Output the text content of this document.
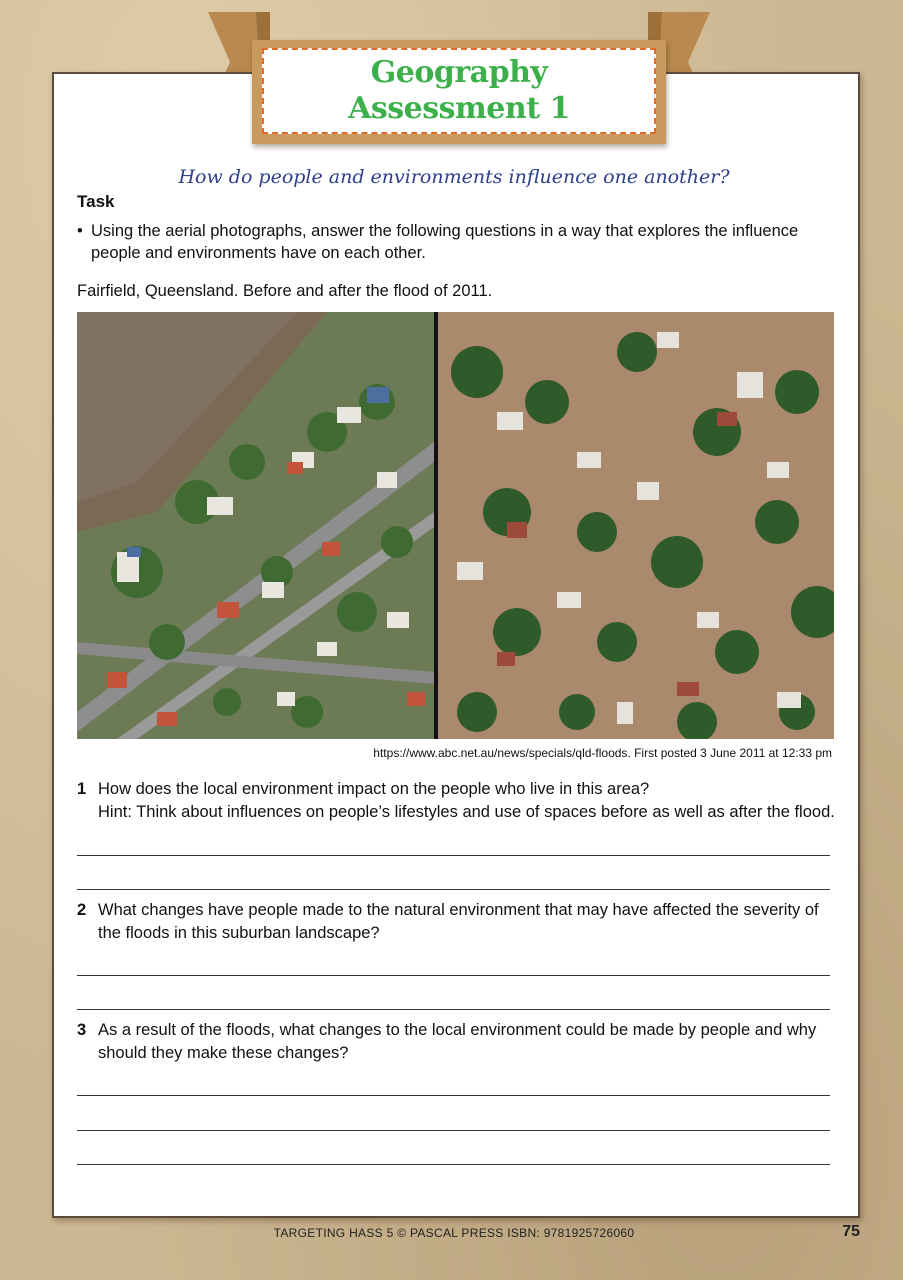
Geography
Assessment 1
How do people and environments influence one another?
Task
• Using the aerial photographs, answer the following questions in a way that explores the influence people and environments have on each other.
Fairfield, Queensland. Before and after the flood of 2011.
https://www.abc.net.au/news/specials/qld-floods. First posted 3 June 2011 at 12:33 pm
1 How does the local environment impact on the people who live in this area?
Hint: Think about influences on people’s lifestyles and use of spaces before as well as after the flood.
2 What changes have people made to the natural environment that may have affected the severity of the floods in this suburban landscape?
3 As a result of the floods, what changes to the local environment could be made by people and why should they make these changes?
TARGETING HASS 5 © PASCAL PRESS ISBN: 9781925726060	75
